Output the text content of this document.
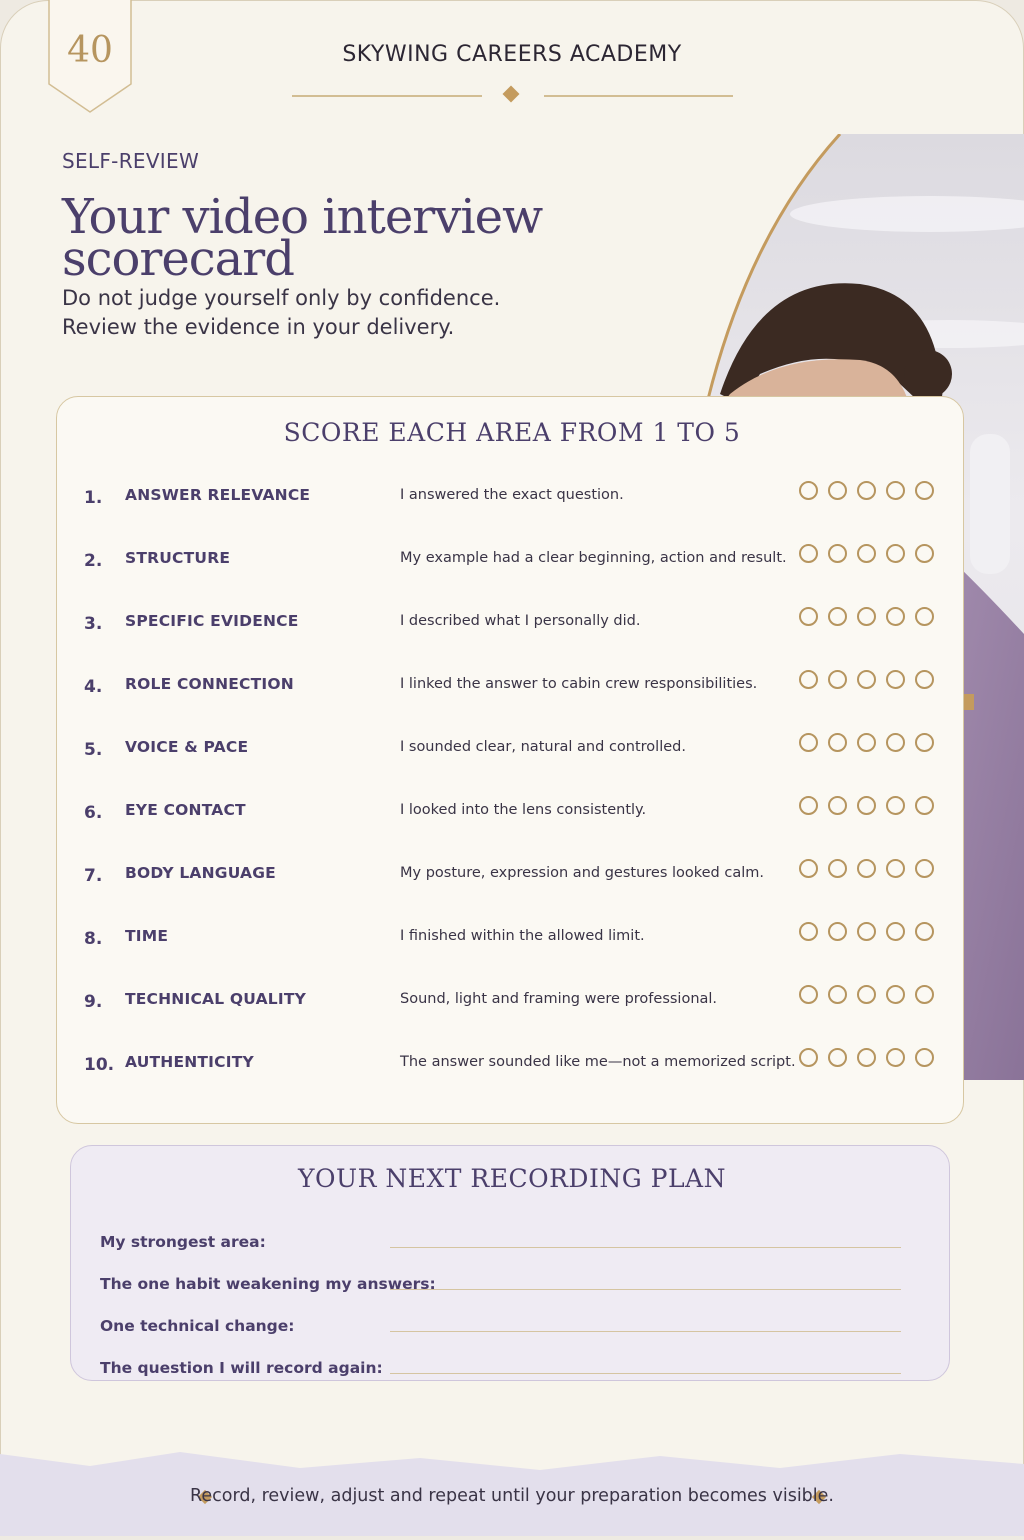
40	SKYWING CAREERS ACADEMY
SELF-REVIEW
Your video interview
scorecard
Do not judge yourself only by confidence.
Review the evidence in your delivery.
SCORE EACH AREA FROM 1 TO 5
1. ANSWER RELEVANCE	I answered the exact question.
2. STRUCTURE	My example had a clear beginning, action and result.
3. SPECIFIC EVIDENCE	I described what I personally did.
4. ROLE CONNECTION	I linked the answer to cabin crew responsibilities.
5. VOICE & PACE	I sounded clear, natural and controlled.
6. EYE CONTACT	I looked into the lens consistently.
7. BODY LANGUAGE	My posture, expression and gestures looked calm.
8. TIME	I finished within the allowed limit.
9. TECHNICAL QUALITY	Sound, light and framing were professional.
10. AUTHENTICITY	The answer sounded like me—not a memorized script.
YOUR NEXT RECORDING PLAN
My strongest area:
The one habit weakening my answers:
One technical change:
The question I will record again:
Record, review, adjust and repeat until your preparation becomes visible.
